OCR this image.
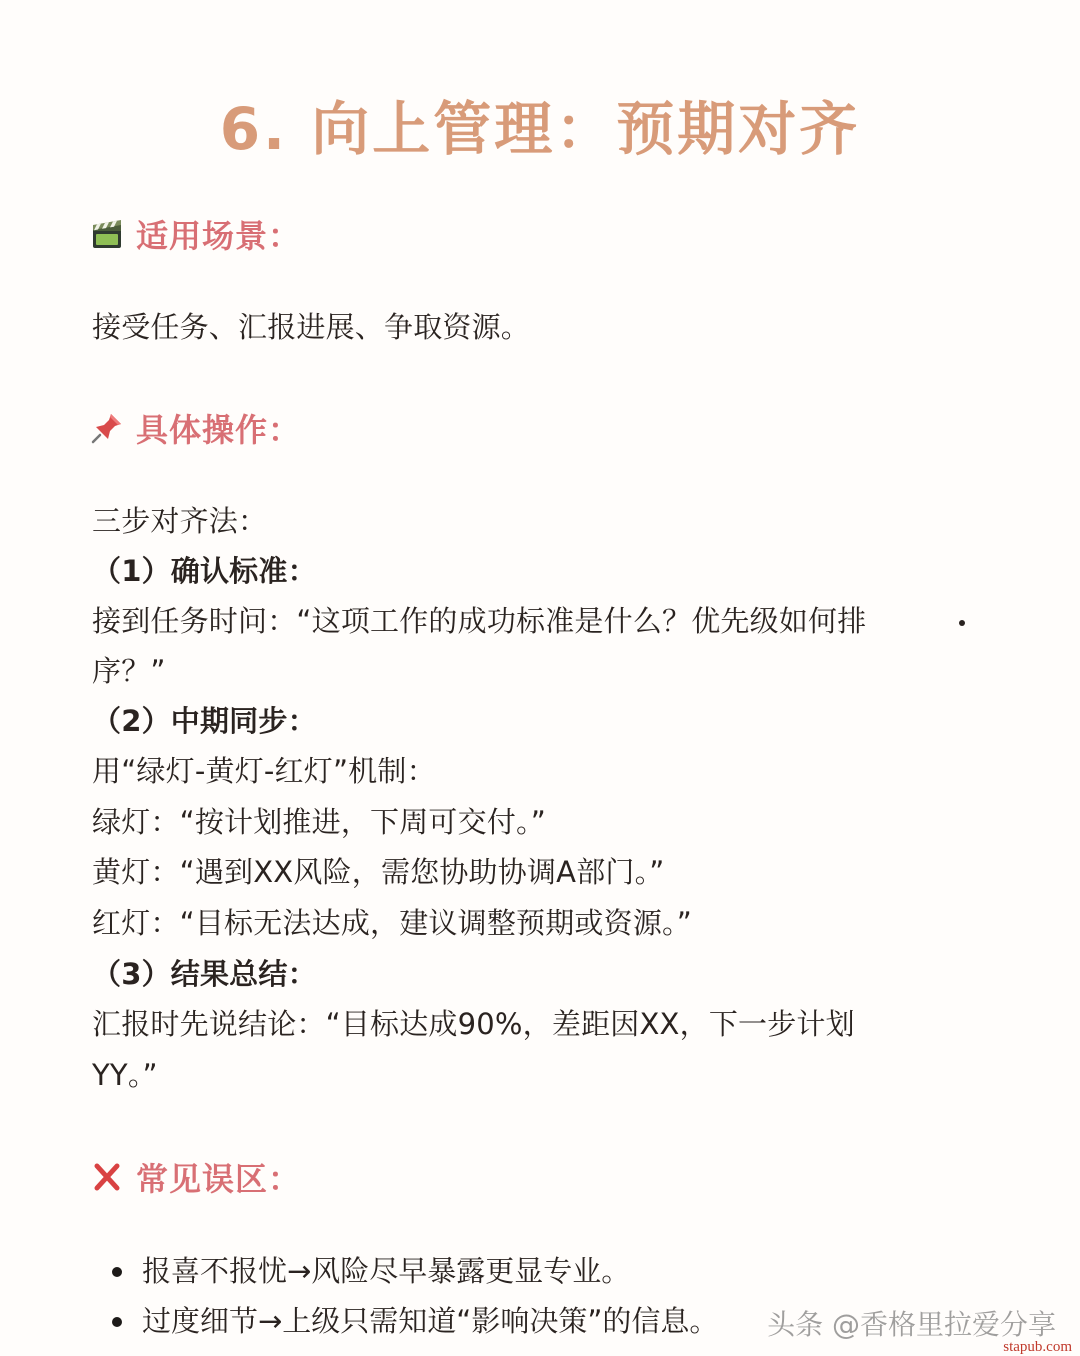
6. 向上管理：预期对齐
适用场景：
接受任务、汇报进展、争取资源。
具体操作：
三步对齐法：
（1）确认标准：
接到任务时问：“这项工作的成功标准是什么？优先级如何排
序？”
（2）中期同步：
用“绿灯-黄灯-红灯”机制：
绿灯：“按计划推进，下周可交付。”
黄灯：“遇到XX风险，需您协助协调A部门。”
红灯：“目标无法达成，建议调整预期或资源。”
（3）结果总结：
汇报时先说结论：“目标达成90%，差距因XX，下一步计划
YY。”
常见误区：
报喜不报忧→风险尽早暴露更显专业。
过度细节→上级只需知道“影响决策”的信息。	头条 @香格里拉爱分享
stapub.com
